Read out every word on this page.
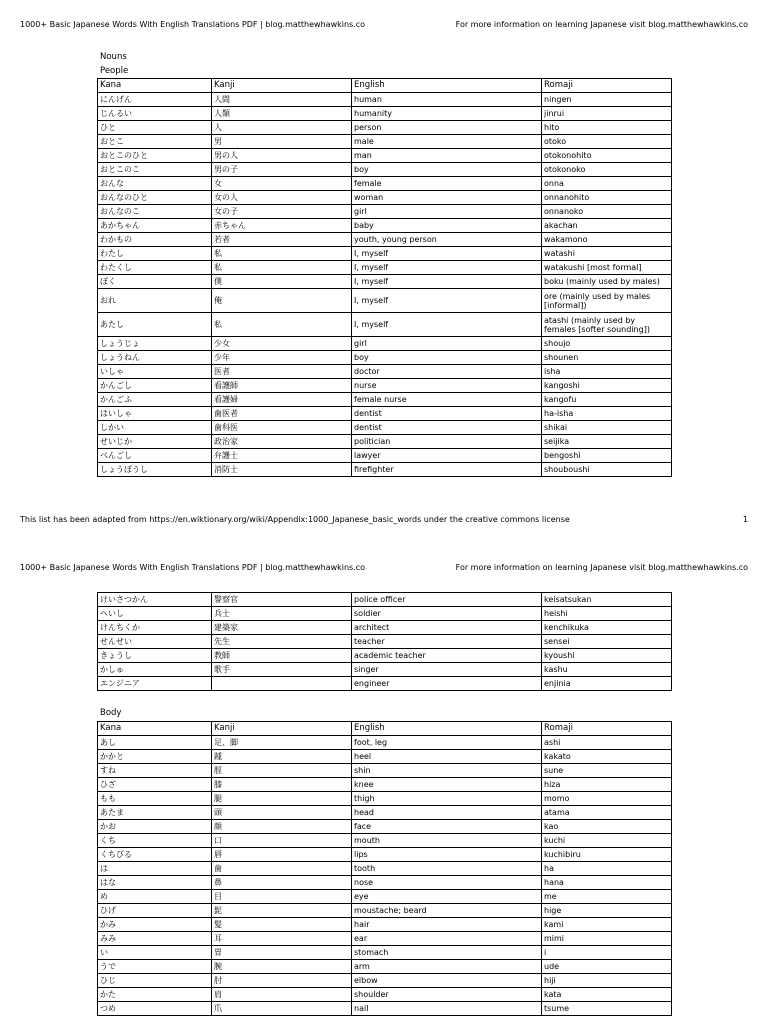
1000+ Basic Japanese Words With English Translations PDF | blog.matthewhawkins.co	For more information on learning Japanese visit blog.matthewhawkins.co
Nouns
People
Kana	Kanji	English	Romaji
にんげん	人間	human	ningen
じんるい	人類	humanity	jinrui
ひと	人	person	hito
おとこ	男	male	otoko
おとこのひと	男の人	man	otokonohito
おとこのこ	男の子	boy	otokonoko
おんな	女	female	onna
おんなのひと	女の人	woman	onnanohito
おんなのこ	女の子	girl	onnanoko
あかちゃん	赤ちゃん	baby	akachan
わかもの	若者	youth, young person	wakamono
わたし	私	I, myself	watashi
わたくし	私	I, myself	watakushi [most formal]
ぼく	僕	I, myself	boku (mainly used by males)
おれ	俺	I, myself	ore (mainly used by males [informal])
あたし	私	I, myself	atashi (mainly used by females [softer sounding])
しょうじょ	少女	girl	shoujo
しょうねん	少年	boy	shounen
いしゃ	医者	doctor	isha
かんごし	看護師	nurse	kangoshi
かんごふ	看護婦	female nurse	kangofu
はいしゃ	歯医者	dentist	ha-isha
しかい	歯科医	dentist	shikai
せいじか	政治家	politician	seijika
べんごし	弁護士	lawyer	bengoshi
しょうぼうし	消防士	firefighter	shouboushi
This list has been adapted from https://en.wiktionary.org/wiki/Appendix:1000_Japanese_basic_words under the creative commons license	1
1000+ Basic Japanese Words With English Translations PDF | blog.matthewhawkins.co	For more information on learning Japanese visit blog.matthewhawkins.co
けいさつかん	警察官	police officer	keisatsukan
へいし	兵士	soldier	heishi
けんちくか	建築家	architect	kenchikuka
せんせい	先生	teacher	sensei
きょうし	教師	academic teacher	kyoushi
かしゅ	歌手	singer	kashu
エンジニア		engineer	enjinia
Body
Kana	Kanji	English	Romaji
あし	足、脚	foot, leg	ashi
かかと	踵	heel	kakato
すね	脛	shin	sune
ひざ	膝	knee	hiza
もも	腿	thigh	momo
あたま	頭	head	atama
かお	顔	face	kao
くち	口	mouth	kuchi
くちびる	唇	lips	kuchibiru
は	歯	tooth	ha
はな	鼻	nose	hana
め	目	eye	me
ひげ	髭	moustache; beard	hige
かみ	髪	hair	kami
みみ	耳	ear	mimi
い	胃	stomach	i
うで	腕	arm	ude
ひじ	肘	elbow	hiji
かた	肩	shoulder	kata
つめ	爪	nail	tsume
